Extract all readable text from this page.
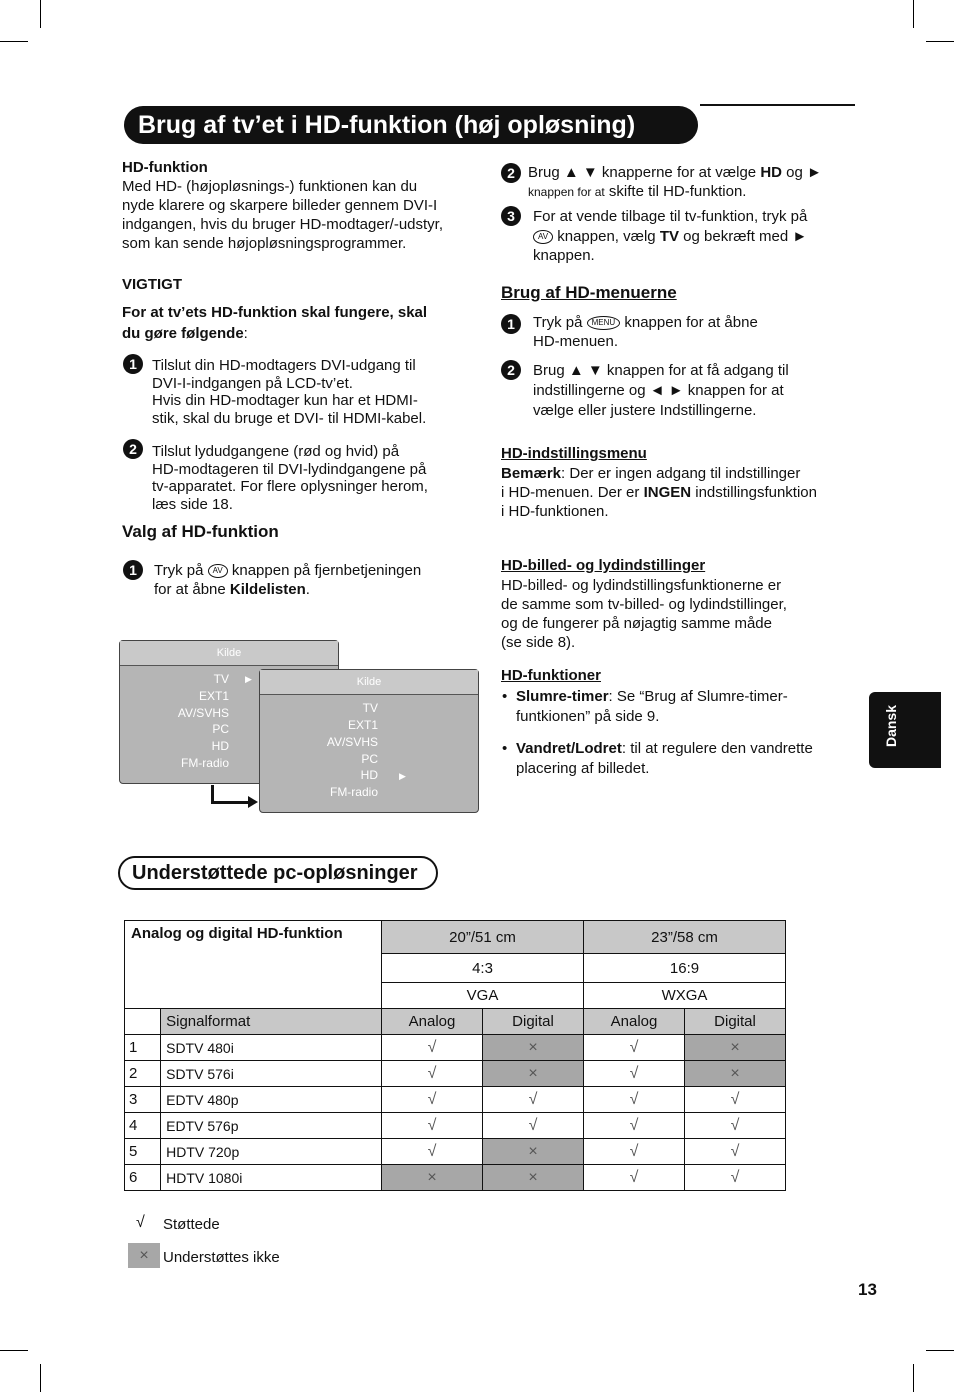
Brug af tv’et i HD-funktion (høj opløsning)
HD-funktion
Med HD- (højopløsnings-) funktionen kan du
nyde klarere og skarpere billeder gennem DVI-I
indgangen, hvis du bruger HD-modtager/-udstyr,
som kan sende højopløsningsprogrammer.
VIGTIGT
For at tv’ets HD-funktion skal fungere, skal
du gøre følgende:
1	Tilslut din HD-modtagers DVI-udgang til
DVI-I-indgangen på LCD-tv’et.
Hvis din HD-modtager kun har et HDMI-
stik, skal du bruge et DVI- til HDMI-kabel.
2	Tilslut lydudgangene (rød og hvid) på
HD-modtageren til DVI-lydindgangene på
tv-apparatet. For flere oplysninger herom,
læs side 18.
Valg af HD-funktion
1	Tryk på AV knappen på fjernbetjeningen
for at åbne Kildelisten.
Kilde
TV ▶
EXT1
AV/SVHS
PC
HD
FM-radio
Kilde
TV
EXT1
AV/SVHS
PC
HD ▶
FM-radio
2 Brug ▲ ▼ knapperne for at vælge HD og ►
knappen for at skifte til HD-funktion.
3	For at vende tilbage til tv-funktion, tryk på
AV knappen, vælg TV og bekræft med ►
knappen.
Brug af HD-menuerne
1	Tryk på MENU knappen for at åbne
HD-menuen.
2	Brug ▲ ▼ knappen for at få adgang til
indstillingerne og ◄ ► knappen for at
vælge eller justere Indstillingerne.
HD-indstillingsmenu
Bemærk: Der er ingen adgang til indstillinger
i HD-menuen. Der er INGEN indstillingsfunktion
i HD-funktionen.
HD-billed- og lydindstillinger
HD-billed- og lydindstillingsfunktionerne er
de samme som tv-billed- og lydindstillinger,
og de fungerer på nøjagtig samme måde
(se side 8).
HD-funktioner
• Slumre-timer: Se “Brug af Slumre-timer-
funtkionen” på side 9.
• Vandret/Lodret: til at regulere den vandrette
placering af billedet.
Dansk
Understøttede pc-opløsninger
Analog og digital HD-funktion		20”/51 cm		23”/58 cm	
		4:3		16:9	
		VGA		WXGA	
	Signalformat	Analog	Digital	Analog	Digital
1	SDTV 480i	√	×	√	×
2	SDTV 576i	√	×	√	×
3	EDTV 480p	√	√	√	√
4	EDTV 576p	√	√	√	√
5	HDTV 720p	√	×	√	√
6	HDTV 1080i	×	×	√	√
√ Støttede
× Understøttes ikke
13
